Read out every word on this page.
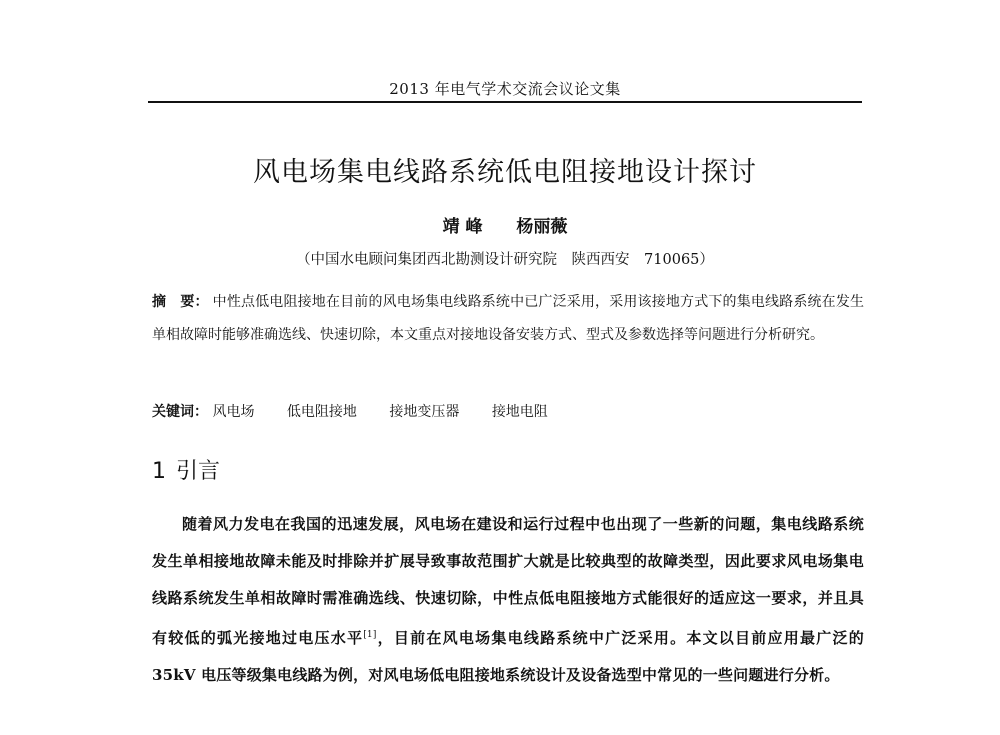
2013 年电气学术交流会议论文集
风电场集电线路系统低电阻接地设计探讨
靖 峰 杨丽薇
（中国水电顾问集团西北勘测设计研究院　陕西西安　710065）
摘　要： 中性点低电阻接地在目前的风电场集电线路系统中已广泛采用，采用该接地方式下的集电线路系统在发生单相故障时能够准确选线、快速切除，本文重点对接地设备安装方式、型式及参数选择等问题进行分析研究。
关键词： 风电场 低电阻接地 接地变压器 接地电阻
1 引言
随着风力发电在我国的迅速发展，风电场在建设和运行过程中也出现了一些新的问题，集电线路系统发生单相接地故障未能及时排除并扩展导致事故范围扩大就是比较典型的故障类型，因此要求风电场集电线路系统发生单相故障时需准确选线、快速切除，中性点低电阻接地方式能很好的适应这一要求，并且具有较低的弧光接地过电压水平[1]，目前在风电场集电线路系统中广泛采用。本文以目前应用最广泛的 35kV 电压等级集电线路为例，对风电场低电阻接地系统设计及设备选型中常见的一些问题进行分析。
